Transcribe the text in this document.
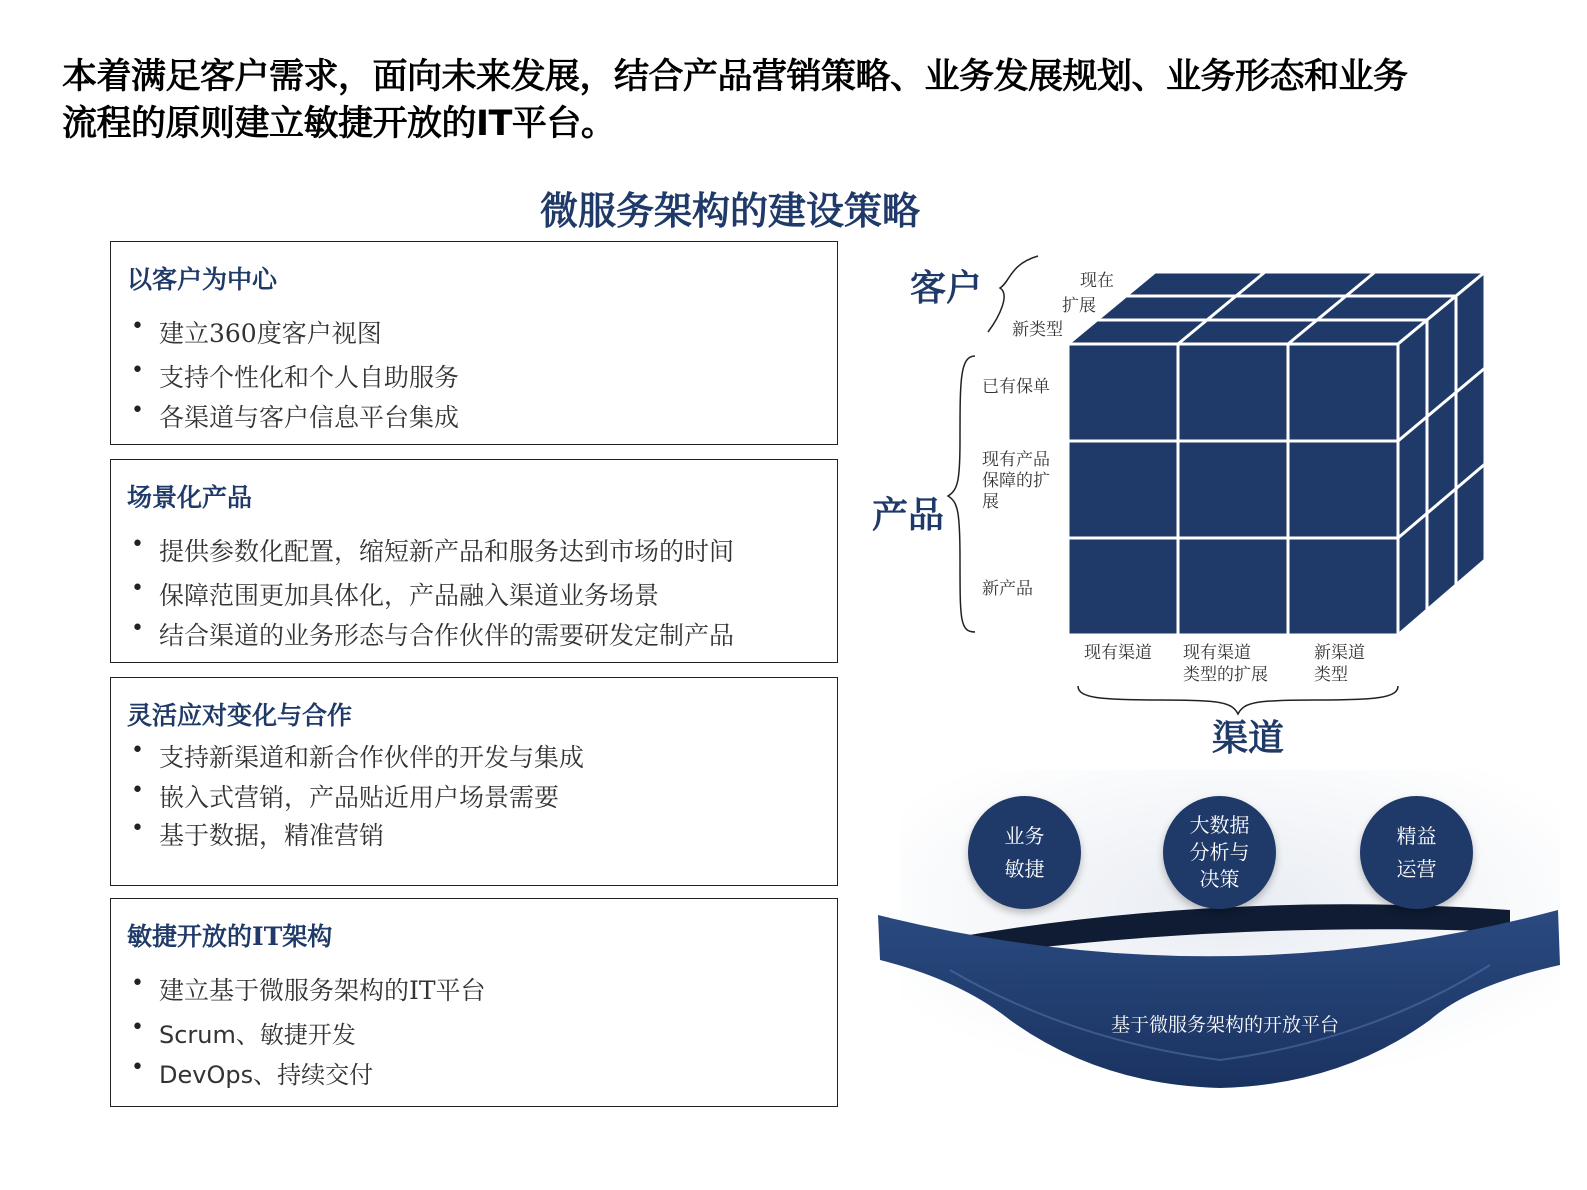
本着满足客户需求，面向未来发展，结合产品营销策略、业务发展规划、业务形态和业务
流程的原则建立敏捷开放的IT平台。
微服务架构的建设策略
以客户为中心
• 建立360度客户视图
• 支持个性化和个人自助服务
• 各渠道与客户信息平台集成
场景化产品
• 提供参数化配置，缩短新产品和服务达到市场的时间
• 保障范围更加具体化，产品融入渠道业务场景
• 结合渠道的业务形态与合作伙伴的需要研发定制产品
灵活应对变化与合作
• 支持新渠道和新合作伙伴的开发与集成
• 嵌入式营销，产品贴近用户场景需要
• 基于数据，精准营销
敏捷开放的IT架构
• 建立基于微服务架构的IT平台
• Scrum、敏捷开发
• DevOps、持续交付
客户	现在
扩展
新类型
产品
已有保单
现有产品
保障的扩
展
新产品
现有渠道 现有渠道
类型的扩展
新渠道
类型
渠道
业务
敏捷
大数据
分析与
决策
精益
运营
基于微服务架构的开放平台
